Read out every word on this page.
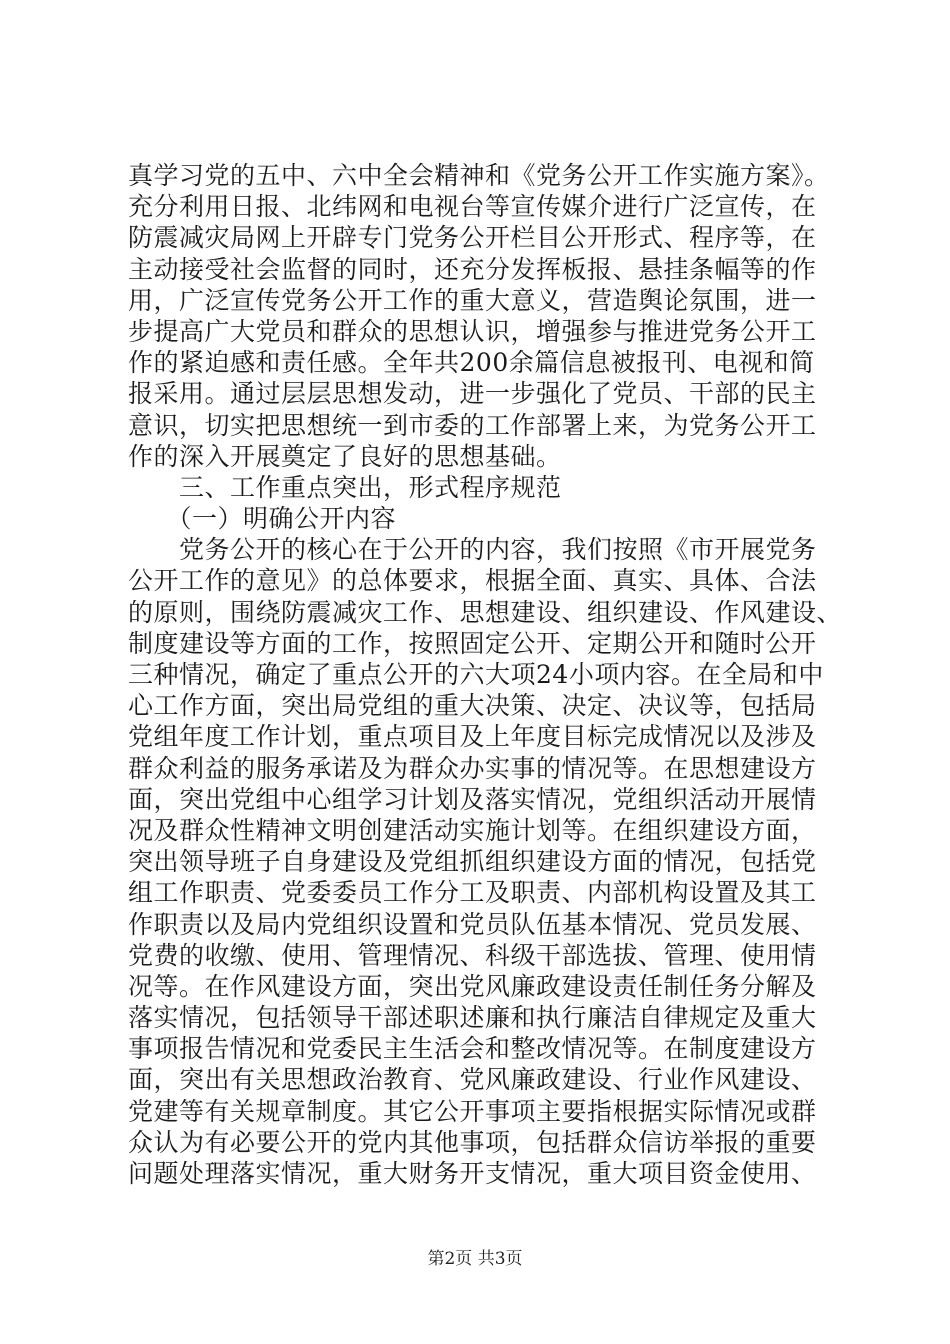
真学习党的五中、六中全会精神和《党务公开工作实施方案》。
充分利用日报、北纬网和电视台等宣传媒介进行广泛宣传，在
防震减灾局网上开辟专门党务公开栏目公开形式、程序等，在
主动接受社会监督的同时，还充分发挥板报、悬挂条幅等的作
用，广泛宣传党务公开工作的重大意义，营造舆论氛围，进一
步提高广大党员和群众的思想认识，增强参与推进党务公开工
作的紧迫感和责任感。全年共200余篇信息被报刊、电视和简
报采用。通过层层思想发动，进一步强化了党员、干部的民主
意识，切实把思想统一到市委的工作部署上来，为党务公开工
作的深入开展奠定了良好的思想基础。
　　三、工作重点突出，形式程序规范
　　（一）明确公开内容
　　党务公开的核心在于公开的内容，我们按照《市开展党务
公开工作的意见》的总体要求，根据全面、真实、具体、合法
的原则，围绕防震减灾工作、思想建设、组织建设、作风建设、
制度建设等方面的工作，按照固定公开、定期公开和随时公开
三种情况，确定了重点公开的六大项24小项内容。在全局和中
心工作方面，突出局党组的重大决策、决定、决议等，包括局
党组年度工作计划，重点项目及上年度目标完成情况以及涉及
群众利益的服务承诺及为群众办实事的情况等。在思想建设方
面，突出党组中心组学习计划及落实情况，党组织活动开展情
况及群众性精神文明创建活动实施计划等。在组织建设方面，
突出领导班子自身建设及党组抓组织建设方面的情况，包括党
组工作职责、党委委员工作分工及职责、内部机构设置及其工
作职责以及局内党组织设置和党员队伍基本情况、党员发展、
党费的收缴、使用、管理情况、科级干部选拔、管理、使用情
况等。在作风建设方面，突出党风廉政建设责任制任务分解及
落实情况，包括领导干部述职述廉和执行廉洁自律规定及重大
事项报告情况和党委民主生活会和整改情况等。在制度建设方
面，突出有关思想政治教育、党风廉政建设、行业作风建设、
党建等有关规章制度。其它公开事项主要指根据实际情况或群
众认为有必要公开的党内其他事项，包括群众信访举报的重要
问题处理落实情况，重大财务开支情况，重大项目资金使用、
第2页 共3页
